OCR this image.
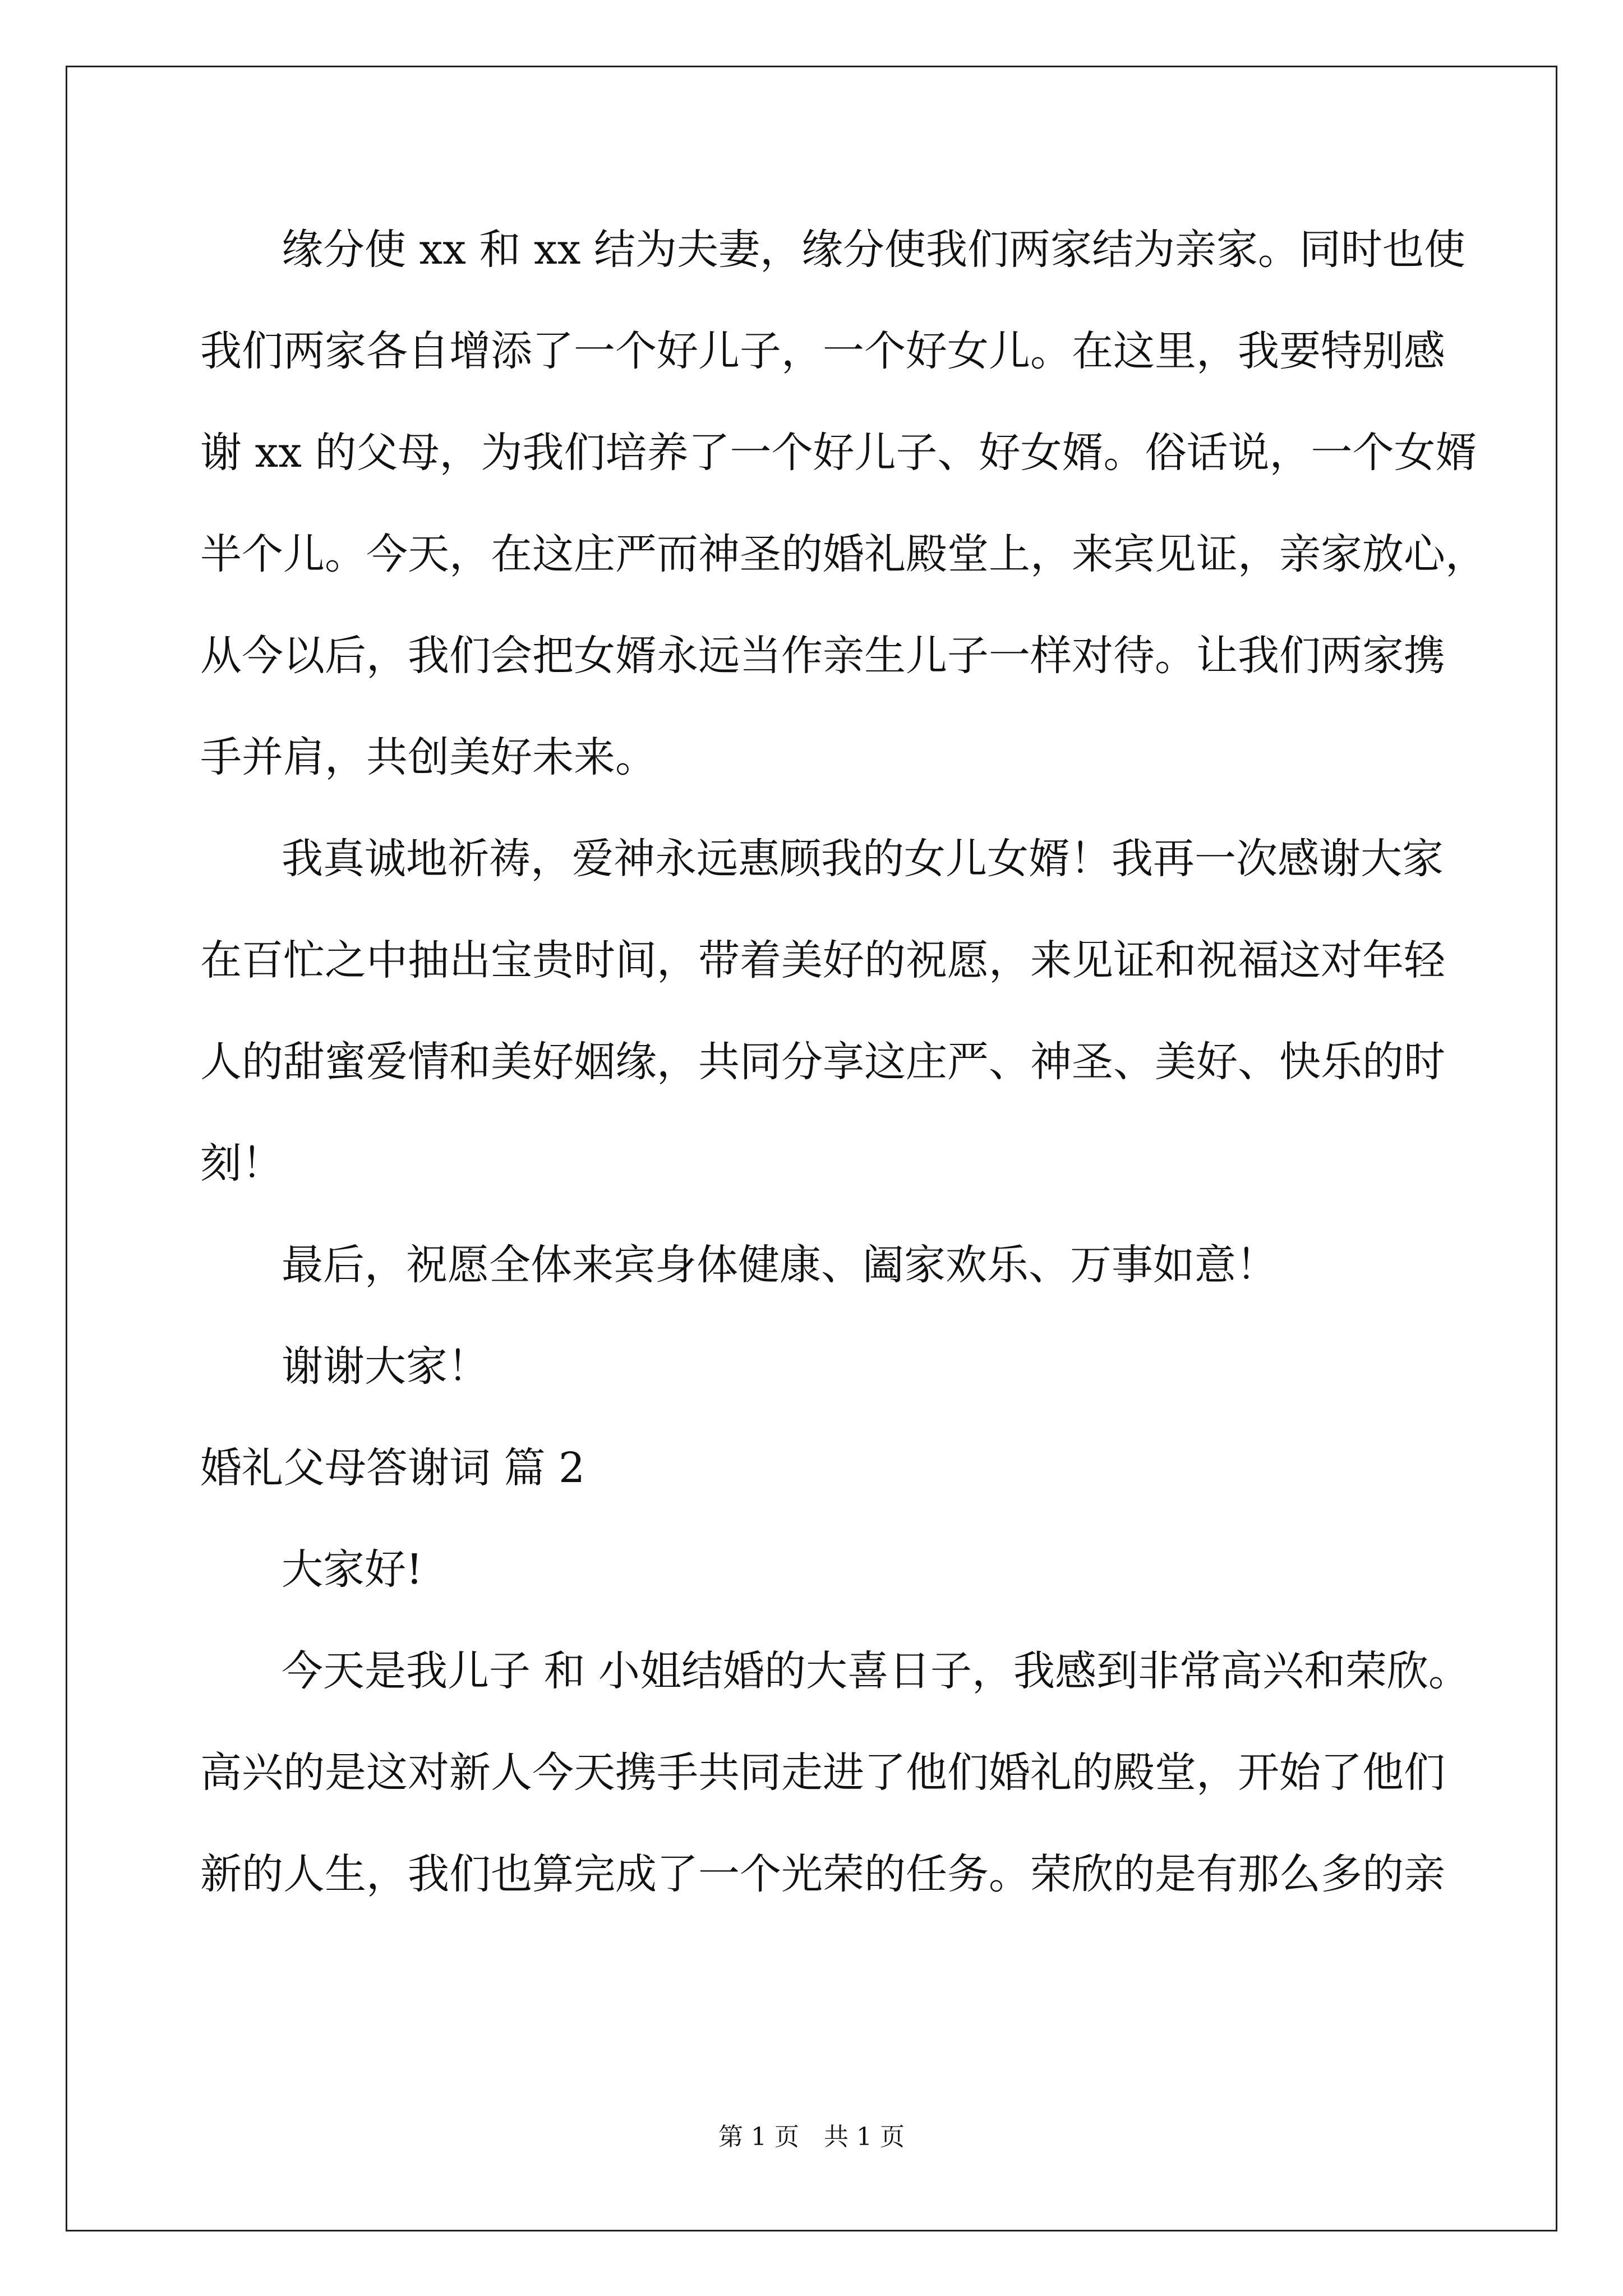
缘分使 xx 和 xx 结为夫妻，缘分使我们两家结为亲家。同时也使
我们两家各自增添了一个好儿子，一个好女儿。在这里，我要特别感
谢 xx 的父母，为我们培养了一个好儿子、好女婿。俗话说，一个女婿
半个儿。今天，在这庄严而神圣的婚礼殿堂上，来宾见证，亲家放心，
从今以后，我们会把女婿永远当作亲生儿子一样对待。让我们两家携
手并肩，共创美好未来。
我真诚地祈祷，爱神永远惠顾我的女儿女婿！我再一次感谢大家
在百忙之中抽出宝贵时间，带着美好的祝愿，来见证和祝福这对年轻
人的甜蜜爱情和美好姻缘，共同分享这庄严、神圣、美好、快乐的时
刻！
最后，祝愿全体来宾身体健康、阖家欢乐、万事如意！
谢谢大家！
婚礼父母答谢词 篇 2
大家好!
今天是我儿子 和 小姐结婚的大喜日子，我感到非常高兴和荣欣。
高兴的是这对新人今天携手共同走进了他们婚礼的殿堂，开始了他们
新的人生，我们也算完成了一个光荣的任务。荣欣的是有那么多的亲
第 1 页　共 1 页
